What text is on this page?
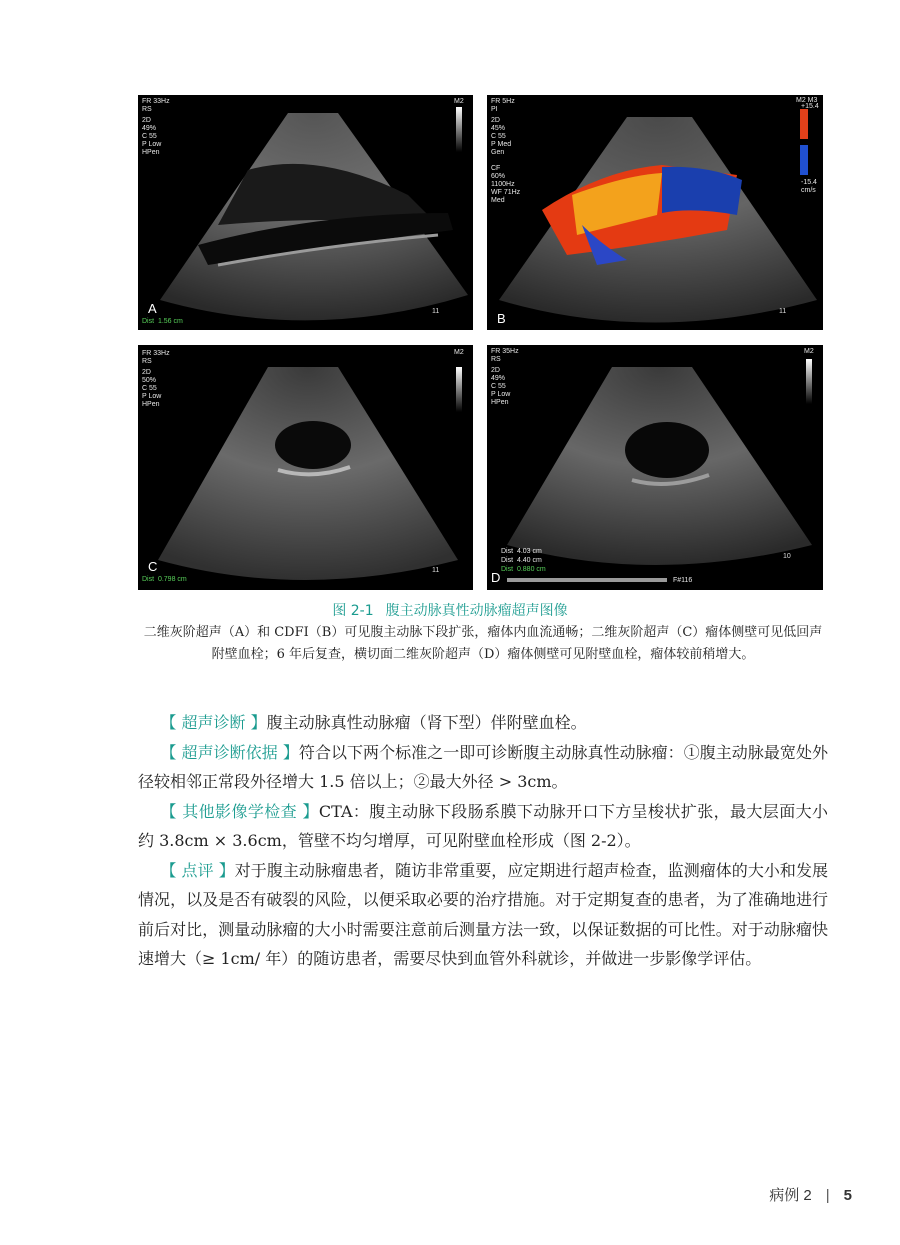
FR 33Hz
RS
2D
49%
C 55
P Low
HPen
M2
A
Dist  1.56 cm
11
FR 5Hz
PI
2D
45%
C 55
P Med
Gen

CF
60%
1100Hz
WF 71Hz
Med
M2 M3
+15.4
-15.4
cm/s
B	11
FR 33Hz
RS
2D
50%
C 55
P Low
HPen
M2
C
Dist  0.798 cm
11
FR 35Hz
RS
2D
49%
C 55
P Low
HPen
M2
Dist  4.03 cm
Dist  4.40 cm
Dist  0.880 cm
D	F#116
10
图 2-1 腹主动脉真性动脉瘤超声图像
二维灰阶超声（A）和 CDFI（B）可见腹主动脉下段扩张，瘤体内血流通畅；二维灰阶超声（C）瘤体侧壁可见低回声附壁血栓；6 年后复查，横切面二维灰阶超声（D）瘤体侧壁可见附壁血栓，瘤体较前稍增大。

【 超声诊断 】腹主动脉真性动脉瘤（肾下型）伴附壁血栓。

【 超声诊断依据 】符合以下两个标准之一即可诊断腹主动脉真性动脉瘤：①腹主动脉最宽处外径较相邻正常段外径增大 1.5 倍以上；②最大外径 > 3cm。

【 其他影像学检查 】CTA：腹主动脉下段肠系膜下动脉开口下方呈梭状扩张，最大层面大小约 3.8cm × 3.6cm，管壁不均匀增厚，可见附壁血栓形成（图 2-2）。

【 点评 】对于腹主动脉瘤患者，随访非常重要，应定期进行超声检查，监测瘤体的大小和发展情况，以及是否有破裂的风险，以便采取必要的治疗措施。对于定期复查的患者，为了准确地进行前后对比，测量动脉瘤的大小时需要注意前后测量方法一致，以保证数据的可比性。对于动脉瘤快速增大（≥ 1cm/ 年）的随访患者，需要尽快到血管外科就诊，并做进一步影像学评估。

病例 2 | 5
